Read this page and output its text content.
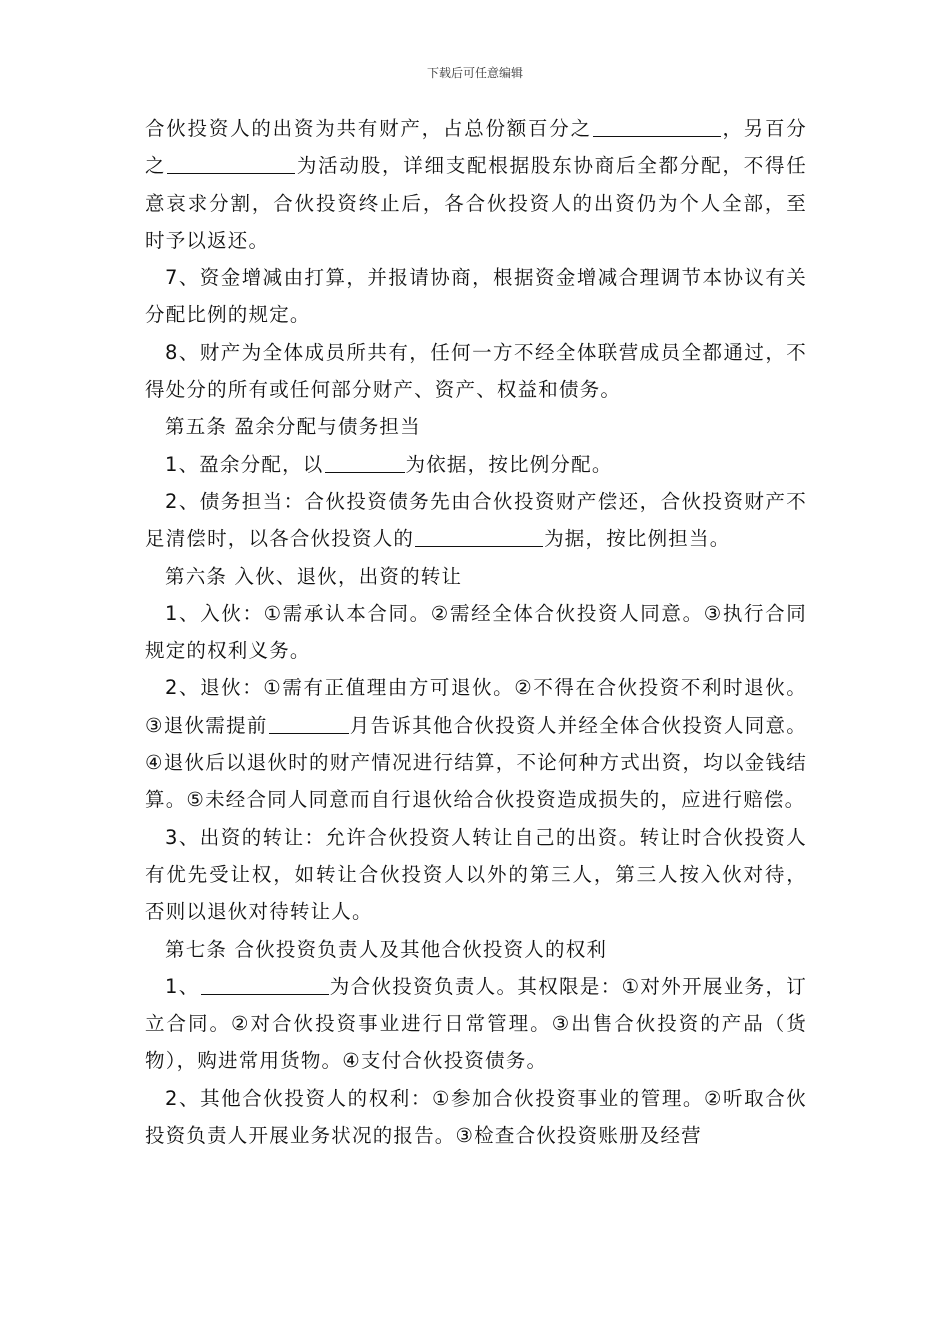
下载后可任意编辑

合伙投资人的出资为共有财产，占总份额百分之	，另百分之	为活动股，详细支配根据股东协商后全都分配，不得任意哀求分割，合伙投资终止后，各合伙投资人的出资仍为个人全部，至时予以返还。

7、资金增减由打算，并报请协商，根据资金增减合理调节本协议有关分配比例的规定。

8、财产为全体成员所共有，任何一方不经全体联营成员全都通过，不得处分的所有或任何部分财产、资产、权益和债务。

第五条 盈余分配与债务担当

1、盈余分配，以	为依据，按比例分配。

2、债务担当：合伙投资债务先由合伙投资财产偿还，合伙投资财产不足清偿时，以各合伙投资人的	为据，按比例担当。

第六条 入伙、退伙，出资的转让

1、入伙：①需承认本合同。②需经全体合伙投资人同意。③执行合同规定的权利义务。

2、退伙：①需有正值理由方可退伙。②不得在合伙投资不利时退伙。③退伙需提前	月告诉其他合伙投资人并经全体合伙投资人同意。④退伙后以退伙时的财产情况进行结算，不论何种方式出资，均以金钱结算。⑤未经合同人同意而自行退伙给合伙投资造成损失的，应进行赔偿。

3、出资的转让：允许合伙投资人转让自己的出资。转让时合伙投资人有优先受让权，如转让合伙投资人以外的第三人，第三人按入伙对待，否则以退伙对待转让人。

第七条 合伙投资负责人及其他合伙投资人的权利

1、	为合伙投资负责人。其权限是：①对外开展业务，订立合同。②对合伙投资事业进行日常管理。③出售合伙投资的产品（货物），购进常用货物。④支付合伙投资债务。

2、其他合伙投资人的权利：①参加合伙投资事业的管理。②听取合伙投资负责人开展业务状况的报告。③检查合伙投资账册及经营
